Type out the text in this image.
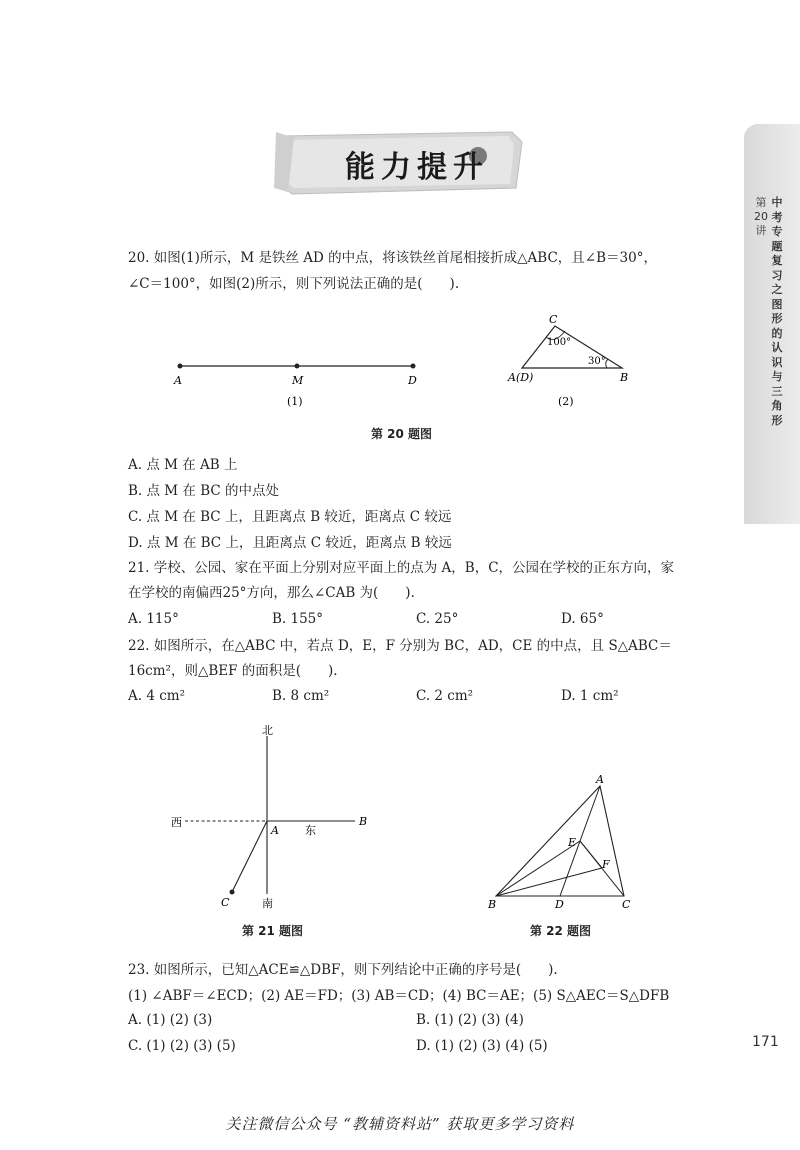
能力提升
第20讲
中考专题复习之图形的认识与三角形
171
20. 如图(1)所示，M 是铁丝 AD 的中点，将该铁丝首尾相接折成△ABC，且∠B＝30°，
∠C＝100°，如图(2)所示，则下列说法正确的是(　　).
A	M	D
(1)
C
100°
30°
A(D)	B
(2)
第 20 题图
A. 点 M 在 AB 上
B. 点 M 在 BC 的中点处
C. 点 M 在 BC 上，且距离点 B 较近，距离点 C 较远
D. 点 M 在 BC 上，且距离点 C 较近，距离点 B 较远
21. 学校、公园、家在平面上分别对应平面上的点为 A，B，C，公园在学校的正东方向，家
在学校的南偏西25°方向，那么∠CAB 为(　　).
A. 115°	B. 155°	C. 25°	D. 65°
22. 如图所示，在△ABC 中，若点 D，E，F 分别为 BC，AD，CE 的中点，且 S△ABC＝
16cm²，则△BEF 的面积是(　　).
A. 4 cm²	B. 8 cm²	C. 2 cm²	D. 1 cm²
北
西
A 东
B
C	南
第 21 题图
A
E
F
B	D	C
第 22 题图
23. 如图所示，已知△ACE≌△DBF，则下列结论中正确的序号是(　　).
(1) ∠ABF＝∠ECD；(2) AE＝FD；(3) AB＝CD；(4) BC＝AE；(5) S△AEC＝S△DFB
A. (1) (2) (3)	B. (1) (2) (3) (4)
C. (1) (2) (3) (5)	D. (1) (2) (3) (4) (5)
关注微信公众号 “教辅资料站” 获取更多学习资料
